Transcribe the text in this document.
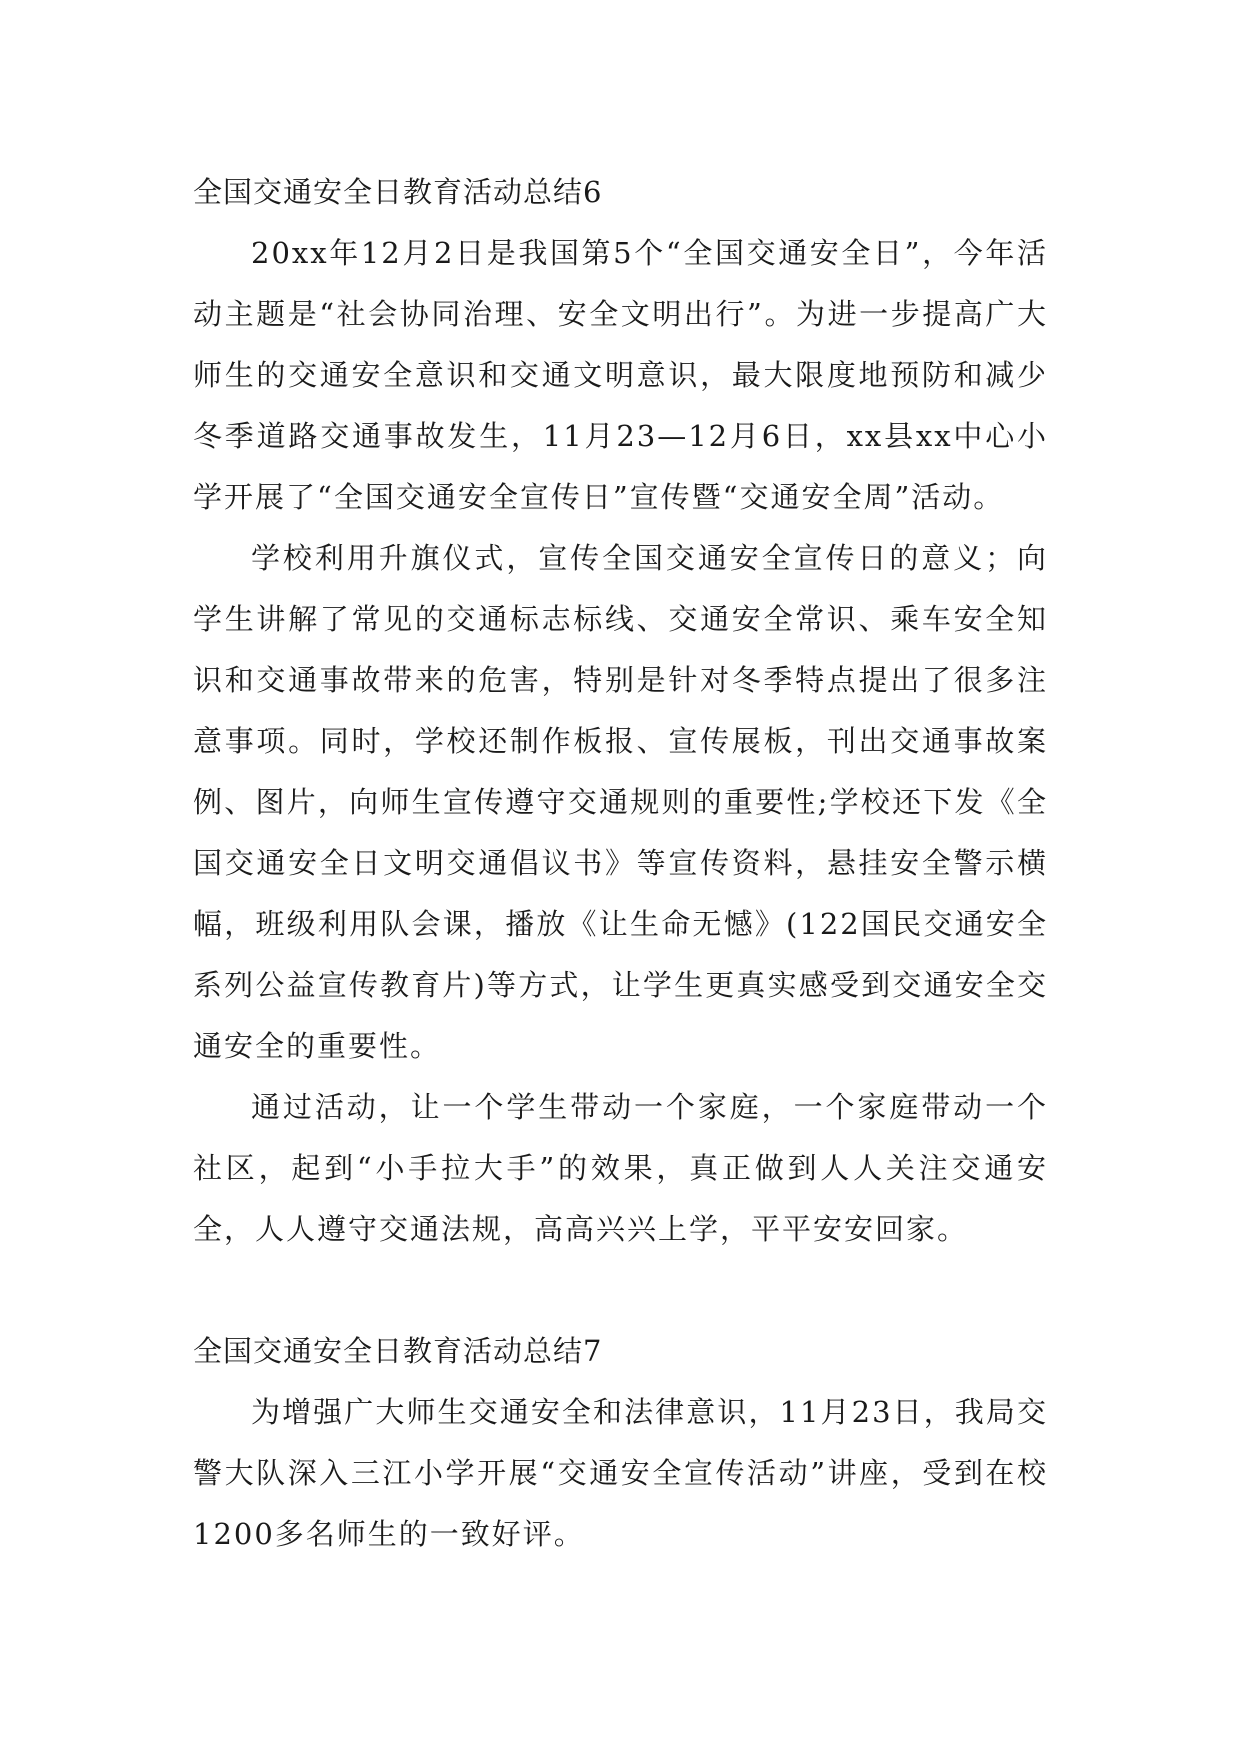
全国交通安全日教育活动总结6

20xx年12月2日是我国第5个“全国交通安全日”，今年活动主题是“社会协同治理、安全文明出行”。为进一步提高广大师生的交通安全意识和交通文明意识，最大限度地预防和减少冬季道路交通事故发生，11月23—12月6日，xx县xx中心小学开展了“全国交通安全宣传日”宣传暨“交通安全周”活动。

学校利用升旗仪式，宣传全国交通安全宣传日的意义；向学生讲解了常见的交通标志标线、交通安全常识、乘车安全知识和交通事故带来的危害，特别是针对冬季特点提出了很多注意事项。同时，学校还制作板报、宣传展板，刊出交通事故案例、图片，向师生宣传遵守交通规则的重要性;学校还下发《全国交通安全日文明交通倡议书》等宣传资料，悬挂安全警示横幅，班级利用队会课，播放《让生命无憾》(122国民交通安全系列公益宣传教育片)等方式，让学生更真实感受到交通安全交通安全的重要性。

通过活动，让一个学生带动一个家庭，一个家庭带动一个社区，起到“小手拉大手”的效果，真正做到人人关注交通安全，人人遵守交通法规，高高兴兴上学，平平安安回家。

全国交通安全日教育活动总结7

为增强广大师生交通安全和法律意识，11月23日，我局交警大队深入三江小学开展“交通安全宣传活动”讲座，受到在校1200多名师生的一致好评。
